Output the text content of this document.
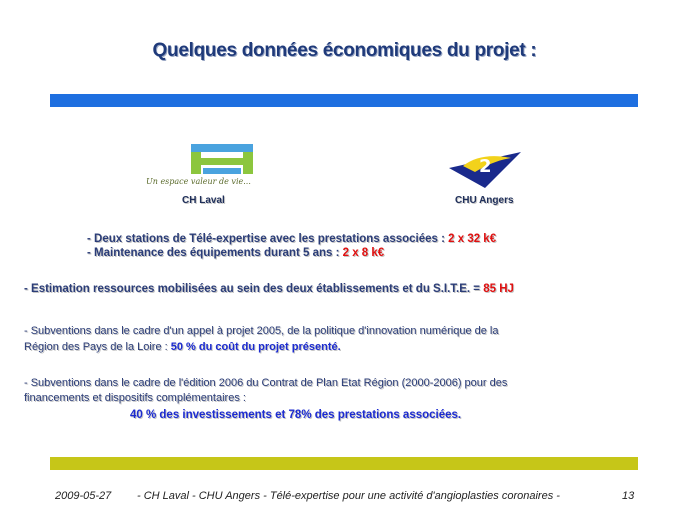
Quelques données économiques du projet :
Un espace valeur de vie...
CH Laval
2
CHU Angers
- Deux stations de Télé-expertise avec les prestations associées : 2 x 32 k€
- Maintenance des équipements durant 5 ans : 2 x 8 k€
- Estimation ressources mobilisées au sein des deux établissements et du S.I.T.E. = 85 HJ
- Subventions dans le cadre d'un appel à projet 2005, de la politique d'innovation numérique de la
Région des Pays de la Loire : 50 % du coût du projet présenté.
- Subventions dans le cadre de l'édition 2006 du Contrat de Plan Etat Région (2000-2006) pour des
financements et dispositifs complémentaires :
40 % des investissements et 78% des prestations associées.
2009-05-27 - CH Laval - CHU Angers - Télé-expertise pour une activité d'angioplasties coronaires -	13
